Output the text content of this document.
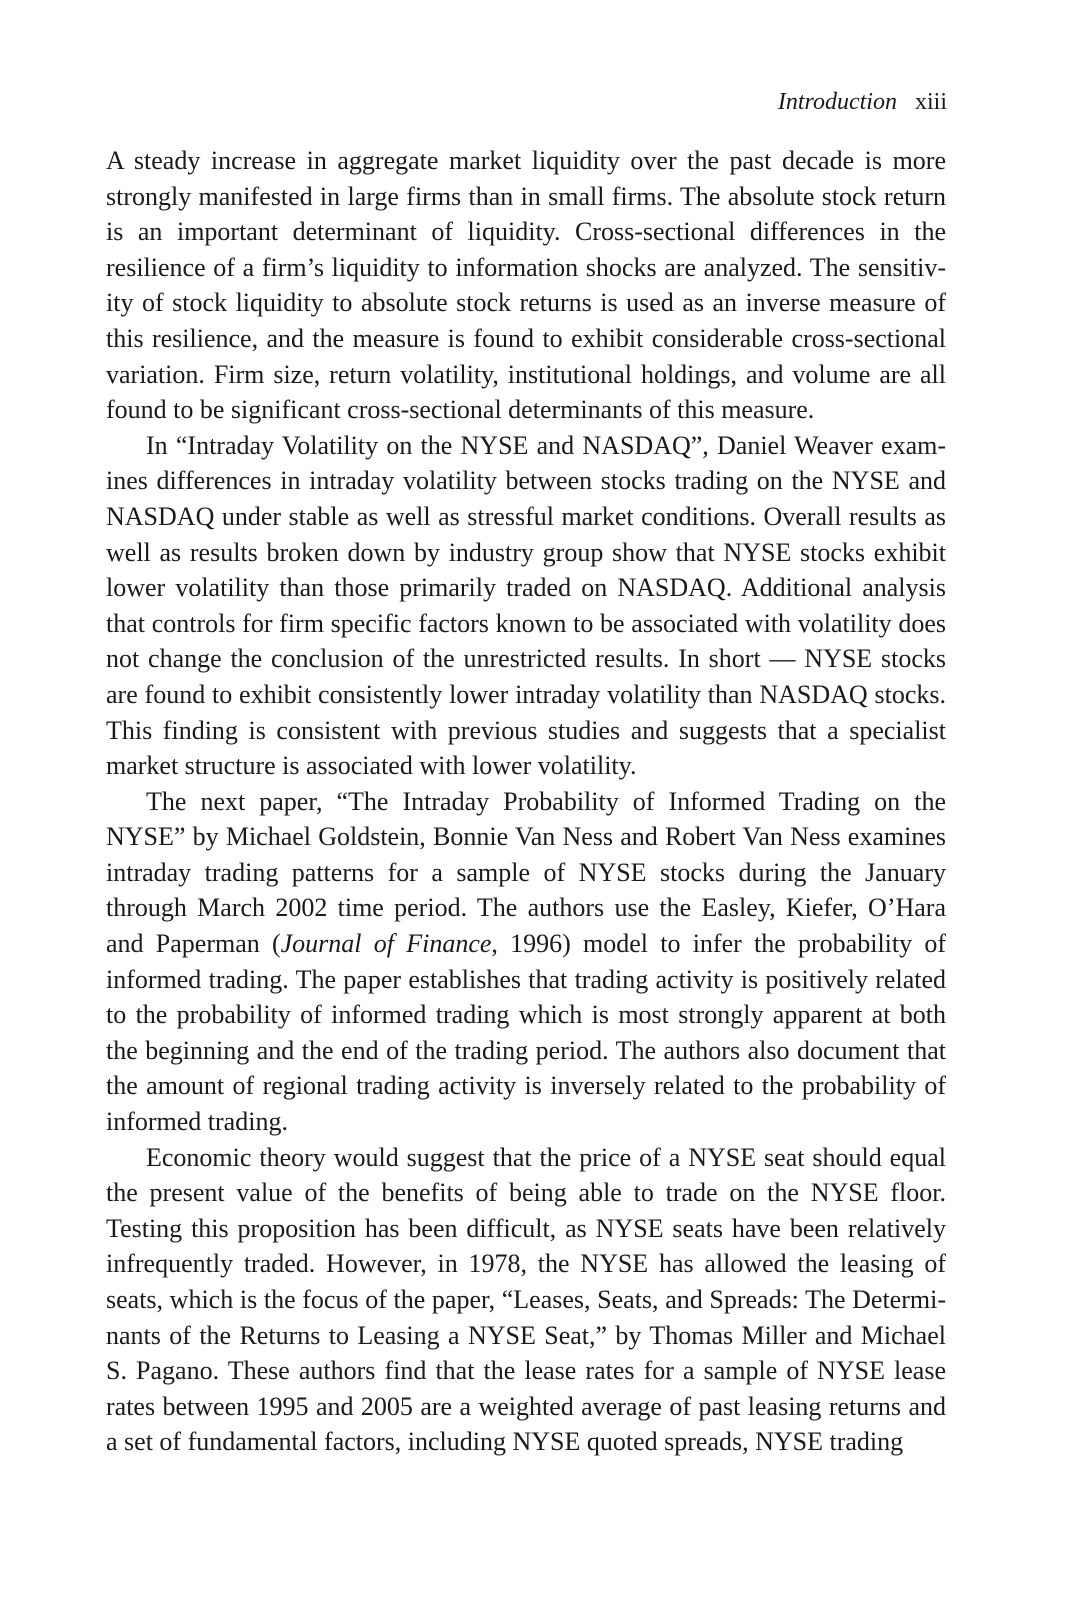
Introduction xiii

A steady increase in aggregate market liquidity over the past decade is more strongly manifested in large firms than in small firms. The absolute stock return is an important determinant of liquidity. Cross-sectional differences in the resilience of a firm’s liquidity to information shocks are analyzed. The sensitivity of stock liquidity to absolute stock returns is used as an inverse measure of this resilience, and the measure is found to exhibit considerable cross-sectional variation. Firm size, return volatility, institutional holdings, and volume are all found to be significant cross-sectional determinants of this measure.

In “Intraday Volatility on the NYSE and NASDAQ”, Daniel Weaver examines differences in intraday volatility between stocks trading on the NYSE and NASDAQ under stable as well as stressful market conditions. Overall results as well as results broken down by industry group show that NYSE stocks exhibit lower volatility than those primarily traded on NASDAQ. Additional analysis that controls for firm specific factors known to be associated with volatility does not change the conclusion of the unrestricted results. In short — NYSE stocks are found to exhibit consistently lower intraday volatility than NASDAQ stocks. This finding is consistent with previous studies and suggests that a specialist market structure is associated with lower volatility.

The next paper, “The Intraday Probability of Informed Trading on the NYSE” by Michael Goldstein, Bonnie Van Ness and Robert Van Ness examines intraday trading patterns for a sample of NYSE stocks during the January through March 2002 time period. The authors use the Easley, Kiefer, O’Hara and Paperman (Journal of Finance, 1996) model to infer the probability of informed trading. The paper establishes that trading activity is positively related to the probability of informed trading which is most strongly apparent at both the beginning and the end of the trading period. The authors also document that the amount of regional trading activity is inversely related to the probability of informed trading.

Economic theory would suggest that the price of a NYSE seat should equal the present value of the benefits of being able to trade on the NYSE floor. Testing this proposition has been difficult, as NYSE seats have been relatively infrequently traded. However, in 1978, the NYSE has allowed the leasing of seats, which is the focus of the paper, “Leases, Seats, and Spreads: The Determinants of the Returns to Leasing a NYSE Seat,” by Thomas Miller and Michael S. Pagano. These authors find that the lease rates for a sample of NYSE lease rates between 1995 and 2005 are a weighted average of past leasing returns and a set of fundamental factors, including NYSE quoted spreads, NYSE trading
